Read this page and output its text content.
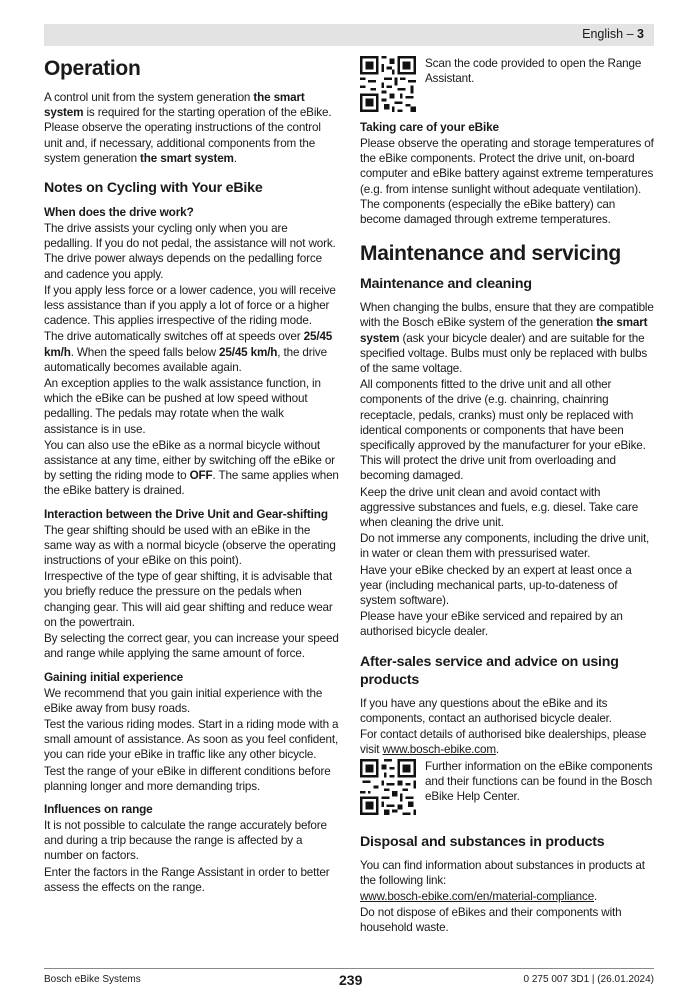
English – 3
Operation

A control unit from the system generation the smart system is required for the starting operation of the eBike. Please observe the operating instructions of the control unit and, if necessary, additional components from the system generation the smart system.

Notes on Cycling with Your eBike
When does the drive work?

The drive assists your cycling only when you are pedalling. If you do not pedal, the assistance will not work. The drive power always depends on the pedalling force and cadence you apply.

If you apply less force or a lower cadence, you will receive less assistance than if you apply a lot of force or a higher cadence. This applies irrespective of the riding mode.

The drive automatically switches off at speeds over 25/45 km/h. When the speed falls below 25/45 km/h, the drive automatically becomes available again.

An exception applies to the walk assistance function, in which the eBike can be pushed at low speed without pedalling. The pedals may rotate when the walk assistance is in use.

You can also use the eBike as a normal bicycle without assistance at any time, either by switching off the eBike or by setting the riding mode to OFF. The same applies when the eBike battery is drained.

Interaction between the Drive Unit and Gear-shifting

The gear shifting should be used with an eBike in the same way as with a normal bicycle (observe the operating instructions of your eBike on this point).

Irrespective of the type of gear shifting, it is advisable that you briefly reduce the pressure on the pedals when changing gear. This will aid gear shifting and reduce wear on the powertrain.

By selecting the correct gear, you can increase your speed and range while applying the same amount of force.

Gaining initial experience

We recommend that you gain initial experience with the eBike away from busy roads.

Test the various riding modes. Start in a riding mode with a small amount of assistance. As soon as you feel confident, you can ride your eBike in traffic like any other bicycle.

Test the range of your eBike in different conditions before planning longer and more demanding trips.

Influences on range

It is not possible to calculate the range accurately before and during a trip because the range is affected by a number on factors.

Enter the factors in the Range Assistant in order to better assess the effects on the range.

Scan the code provided to open the Range Assistant.
Taking care of your eBike

Please observe the operating and storage temperatures of the eBike components. Protect the drive unit, on-board computer and eBike battery against extreme temperatures (e.g. from intense sunlight without adequate ventilation). The components (especially the eBike battery) can become damaged through extreme temperatures.

Maintenance and servicing
Maintenance and cleaning

When changing the bulbs, ensure that they are compatible with the Bosch eBike system of the generation the smart system (ask your bicycle dealer) and are suitable for the specified voltage. Bulbs must only be replaced with bulbs of the same voltage.

All components fitted to the drive unit and all other components of the drive (e.g. chainring, chainring receptacle, pedals, cranks) must only be replaced with identical components or components that have been specifically approved by the manufacturer for your eBike. This will protect the drive unit from overloading and becoming damaged.

Keep the drive unit clean and avoid contact with aggressive substances and fuels, e.g. diesel. Take care when cleaning the drive unit.

Do not immerse any components, including the drive unit, in water or clean them with pressurised water.

Have your eBike checked by an expert at least once a year (including mechanical parts, up-to-dateness of system software).

Please have your eBike serviced and repaired by an authorised bicycle dealer.

After-sales service and advice on using products

If you have any questions about the eBike and its components, contact an authorised bicycle dealer.

For contact details of authorised bike dealerships, please visit www.bosch-ebike.com.

Further information on the eBike components and their functions can be found in the Bosch eBike Help Center.
Disposal and substances in products

You can find information about substances in products at the following link:

www.bosch-ebike.com/en/material-compliance.

Do not dispose of eBikes and their components with household waste.

Bosch eBike Systems	239	0 275 007 3D1 | (26.01.2024)
